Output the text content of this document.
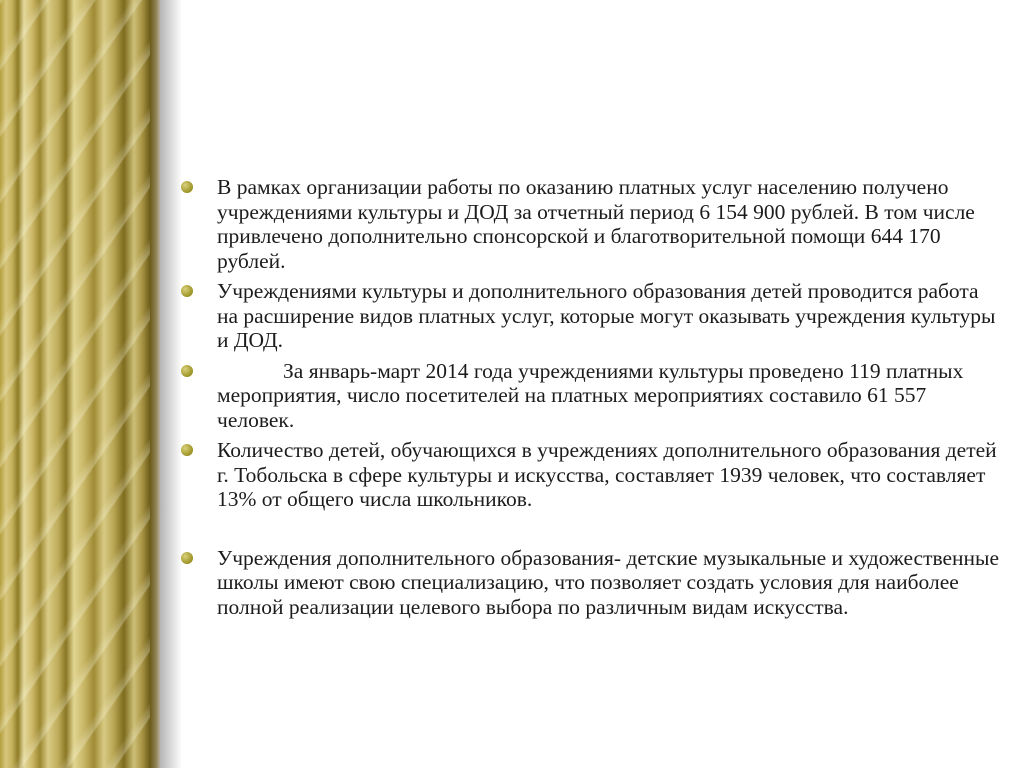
В рамках организации работы по оказанию платных услуг населению получено учреждениями культуры и ДОД за отчетный период 6 154 900 рублей. В том числе привлечено дополнительно спонсорской и благотворительной помощи 644 170 рублей.
Учреждениями культуры и дополнительного образования детей проводится работа на расширение видов платных услуг, которые могут оказывать учреждения культуры и ДОД.
За январь-март 2014 года учреждениями культуры проведено 119 платных мероприятия, число посетителей на платных мероприятиях составило 61 557 человек.
Количество детей, обучающихся в учреждениях дополнительного образования детей г. Тобольска в сфере культуры и искусства, составляет 1939 человек, что составляет 13% от общего числа школьников.
Учреждения дополнительного образования- детские музыкальные и художественные школы имеют свою специализацию, что позволяет создать условия для наиболее полной реализации целевого выбора по различным видам искусства.
